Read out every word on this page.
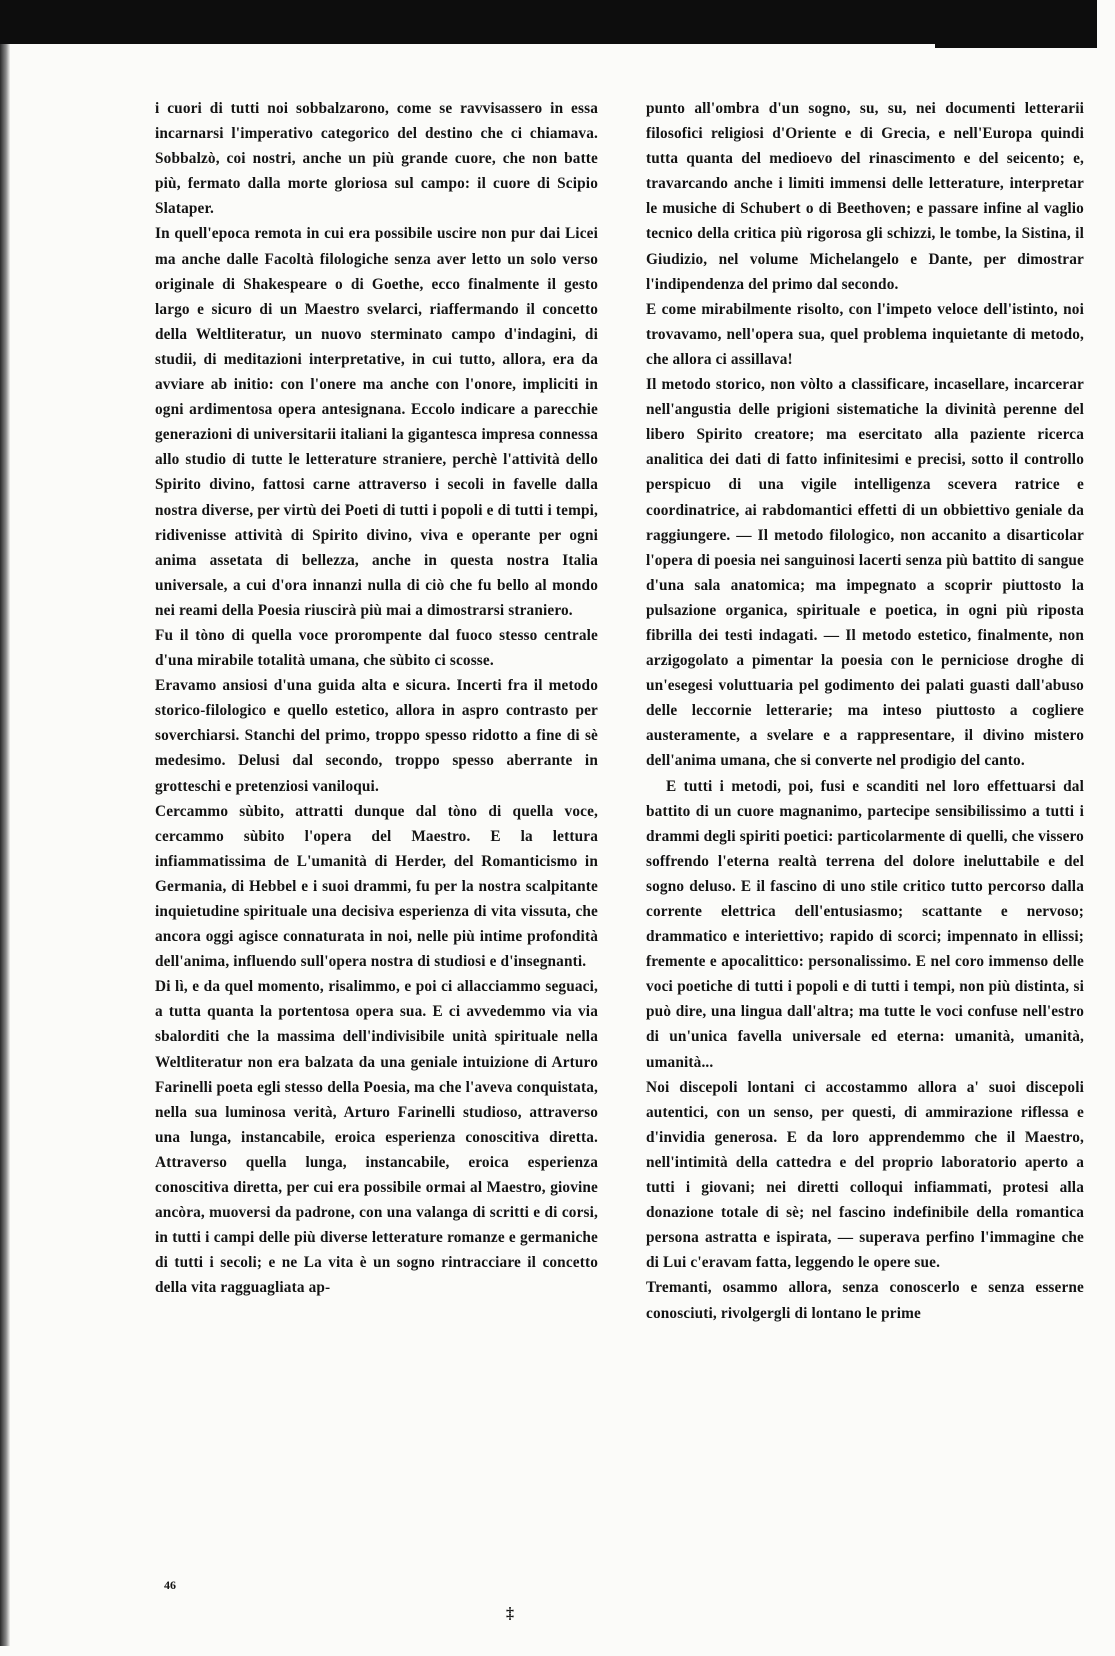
i cuori di tutti noi sobbalzarono, come se ravvisassero in essa incarnarsi l'imperativo categorico del destino che ci chiamava. Sobbalzò, coi nostri, anche un più grande cuore, che non batte più, fermato dalla morte gloriosa sul campo: il cuore di Scipio Slataper.

In quell'epoca remota in cui era possibile uscire non pur dai Licei ma anche dalle Facoltà filologiche senza aver letto un solo verso originale di Shakespeare o di Goethe, ecco finalmente il gesto largo e sicuro di un Maestro svelarci, riaffermando il concetto della Weltliteratur, un nuovo sterminato campo d'indagini, di studii, di meditazioni interpretative, in cui tutto, allora, era da avviare ab initio: con l'onere ma anche con l'onore, impliciti in ogni ardimentosa opera antesignana. Eccolo indicare a parecchie generazioni di universitarii italiani la gigantesca impresa connessa allo studio di tutte le letterature straniere, perchè l'attività dello Spirito divino, fattosi carne attraverso i secoli in favelle dalla nostra diverse, per virtù dei Poeti di tutti i popoli e di tutti i tempi, ridivenisse attività di Spirito divino, viva e operante per ogni anima assetata di bellezza, anche in questa nostra Italia universale, a cui d'ora innanzi nulla di ciò che fu bello al mondo nei reami della Poesia riuscirà più mai a dimostrarsi straniero.

Fu il tòno di quella voce prorompente dal fuoco stesso centrale d'una mirabile totalità umana, che sùbito ci scosse.

Eravamo ansiosi d'una guida alta e sicura. Incerti fra il metodo storico-filologico e quello estetico, allora in aspro contrasto per soverchiarsi. Stanchi del primo, troppo spesso ridotto a fine di sè medesimo. Delusi dal secondo, troppo spesso aberrante in grotteschi e pretenziosi vaniloqui.

Cercammo sùbito, attratti dunque dal tòno di quella voce, cercammo sùbito l'opera del Maestro. E la lettura infiammatissima de L'umanità di Herder, del Romanticismo in Germania, di Hebbel e i suoi drammi, fu per la nostra scalpitante inquietudine spirituale una decisiva esperienza di vita vissuta, che ancora oggi agisce connaturata in noi, nelle più intime profondità dell'anima, influendo sull'opera nostra di studiosi e d'insegnanti.

Di lì, e da quel momento, risalimmo, e poi ci allacciammo seguaci, a tutta quanta la portentosa opera sua. E ci avvedemmo via via sbalorditi che la massima dell'indivisibile unità spirituale nella Weltliteratur non era balzata da una geniale intuizione di Arturo Farinelli poeta egli stesso della Poesia, ma che l'aveva conquistata, nella sua luminosa verità, Arturo Farinelli studioso, attraverso una lunga, instancabile, eroica esperienza conoscitiva diretta. Attraverso quella lunga, instancabile, eroica esperienza conoscitiva diretta, per cui era possibile ormai al Maestro, giovine ancòra, muoversi da padrone, con una valanga di scritti e di corsi, in tutti i campi delle più diverse letterature romanze e germaniche di tutti i secoli; e ne La vita è un sogno rintracciare il concetto della vita ragguagliata ap-

punto all'ombra d'un sogno, su, su, nei documenti letterarii filosofici religiosi d'Oriente e di Grecia, e nell'Europa quindi tutta quanta del medioevo del rinascimento e del seicento; e, travarcando anche i limiti immensi delle letterature, interpretar le musiche di Schubert o di Beethoven; e passare infine al vaglio tecnico della critica più rigorosa gli schizzi, le tombe, la Sistina, il Giudizio, nel volume Michelangelo e Dante, per dimostrar l'indipendenza del primo dal secondo.

E come mirabilmente risolto, con l'impeto veloce dell'istinto, noi trovavamo, nell'opera sua, quel problema inquietante di metodo, che allora ci assillava!

Il metodo storico, non vòlto a classificare, incasellare, incarcerar nell'angustia delle prigioni sistematiche la divinità perenne del libero Spirito creatore; ma esercitato alla paziente ricerca analitica dei dati di fatto infinitesimi e precisi, sotto il controllo perspicuo di una vigile intelligenza scevera ratrice e coordinatrice, ai rabdomantici effetti di un obbiettivo geniale da raggiungere. — Il metodo filologico, non accanito a disarticolar l'opera di poesia nei sanguinosi lacerti senza più battito di sangue d'una sala anatomica; ma impegnato a scoprir piuttosto la pulsazione organica, spirituale e poetica, in ogni più riposta fibrilla dei testi indagati. — Il metodo estetico, finalmente, non arzigogolato a pimentar la poesia con le perniciose droghe di un'esegesi voluttuaria pel godimento dei palati guasti dall'abuso delle leccornie letterarie; ma inteso piuttosto a cogliere austeramente, a svelare e a rappresentare, il divino mistero dell'anima umana, che si converte nel prodigio del canto.

E tutti i metodi, poi, fusi e scanditi nel loro effettuarsi dal battito di un cuore magnanimo, partecipe sensibilissimo a tutti i drammi degli spiriti poetici: particolarmente di quelli, che vissero soffrendo l'eterna realtà terrena del dolore ineluttabile e del sogno deluso. E il fascino di uno stile critico tutto percorso dalla corrente elettrica dell'entusiasmo; scattante e nervoso; drammatico e interiettivo; rapido di scorci; impennato in ellissi; fremente e apocalittico: personalissimo. E nel coro immenso delle voci poetiche di tutti i popoli e di tutti i tempi, non più distinta, si può dire, una lingua dall'altra; ma tutte le voci confuse nell'estro di un'unica favella universale ed eterna: umanità, umanità, umanità...

Noi discepoli lontani ci accostammo allora a' suoi discepoli autentici, con un senso, per questi, di ammirazione riflessa e d'invidia generosa. E da loro apprendemmo che il Maestro, nell'intimità della cattedra e del proprio laboratorio aperto a tutti i giovani; nei diretti colloqui infiammati, protesi alla donazione totale di sè; nel fascino indefinibile della romantica persona astratta e ispirata, — superava perfino l'immagine che di Lui c'eravam fatta, leggendo le opere sue.

Tremanti, osammo allora, senza conoscerlo e senza esserne conosciuti, rivolgergli di lontano le prime

46
‡
